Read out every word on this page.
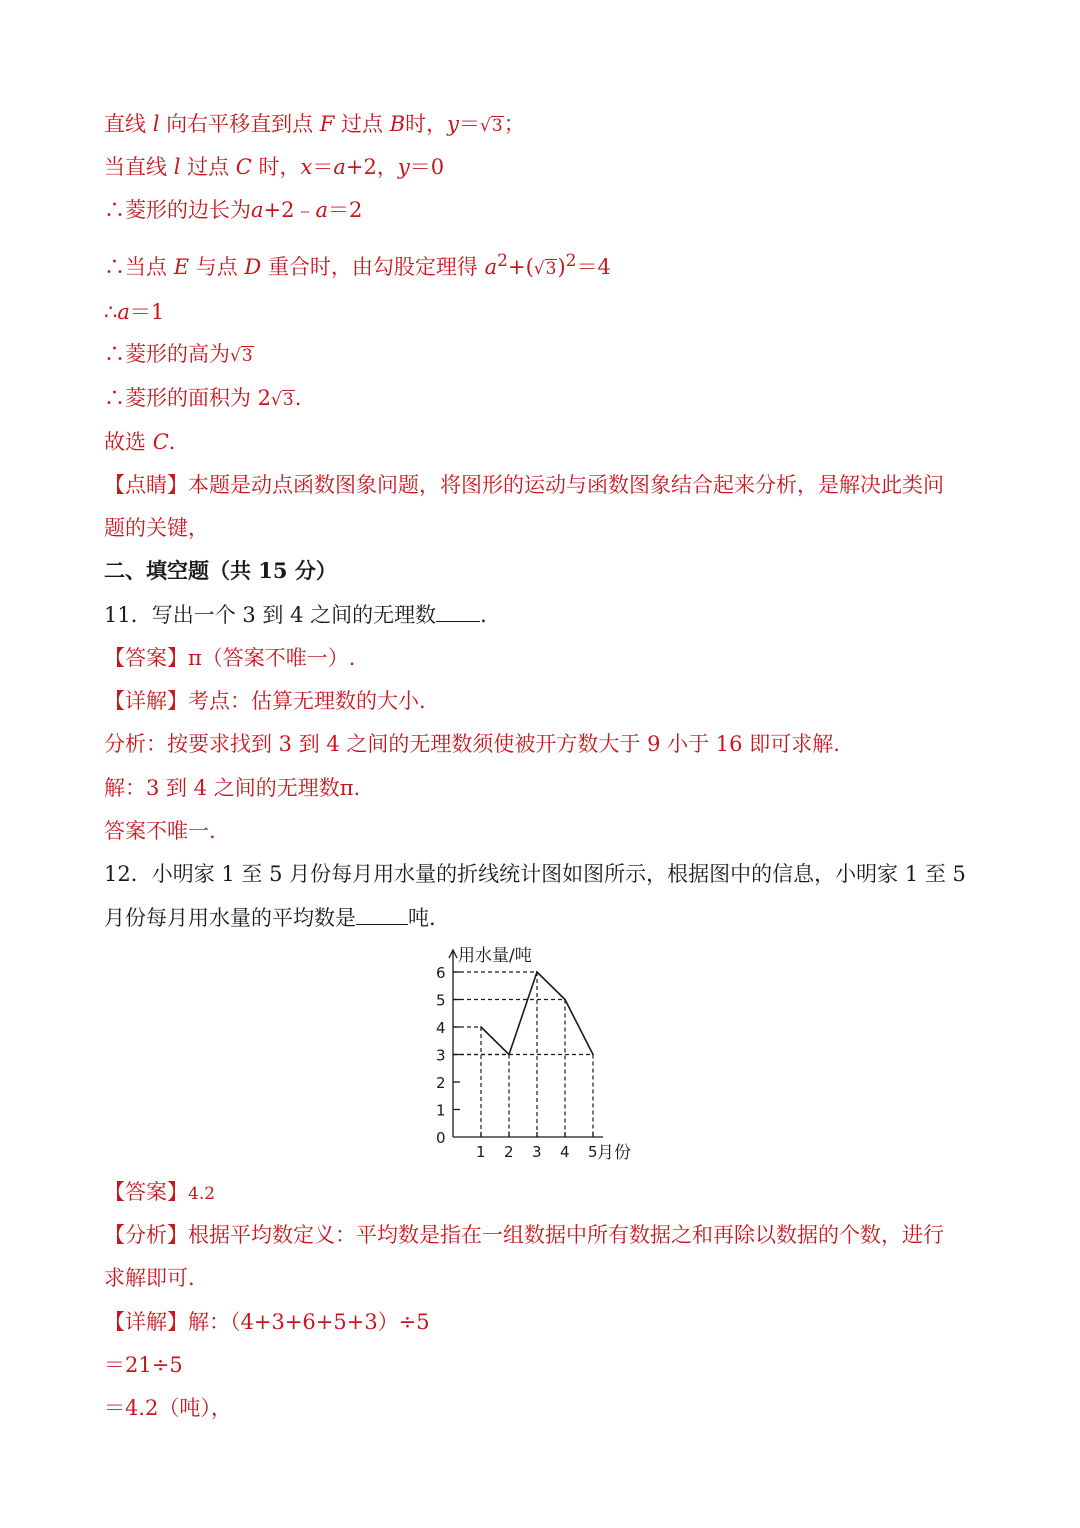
直线 l 向右平移直到点 F 过点 B时，y＝√3；
当直线 l 过点 C 时，x＝a+2，y＝0
∴菱形的边长为a+2﹣a＝2
∴当点 E 与点 D 重合时，由勾股定理得 $a^2+(√3)^2=4$
∴a＝1
∴菱形的高为√3
∴菱形的面积为 2√3.
故选 C.
【点睛】本题是动点函数图象问题，将图形的运动与函数图象结合起来分析，是解决此类问
题的关键，
二、填空题（共 15 分）
11．写出一个 3 到 4 之间的无理数 .
【答案】π（答案不唯一）.
【详解】考点：估算无理数的大小.
分析：按要求找到 3 到 4 之间的无理数须使被开方数大于 9 小于 16 即可求解.
解：3 到 4 之间的无理数π.
答案不唯一.
12．小明家 1 至 5 月份每月用水量的折线统计图如图所示，根据图中的信息，小明家 1 至 5
月份每月用水量的平均数是 吨.
用水量/吨
月份
0
1
2
3
4
5
6
1 2 3 4 5
【答案】4.2
【分析】根据平均数定义：平均数是指在一组数据中所有数据之和再除以数据的个数，进行
求解即可.
【详解】解：（4+3+6+5+3）÷5
＝21÷5
＝4.2（吨），
